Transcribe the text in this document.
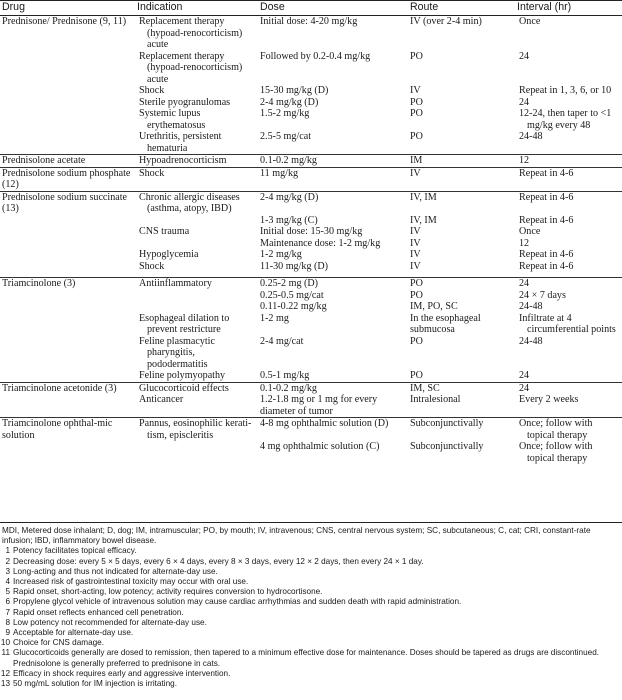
Drug	Indication	Dose	Route	Interval (hr)
Prednisone/ Prednisone (9, 11)	Replacement therapy (hypoad-renocorticism) acute	Initial dose: 4-20 mg/kg	IV (over 2-4 min)	Once
	Replacement therapy (hypoad-renocorticism) acute	Followed by 0.2-0.4 mg/kg	PO	24
	Shock	15-30 mg/kg (D)	IV	Repeat in 1, 3, 6, or 10
	Sterile pyogranulomas	2-4 mg/kg (D)	PO	24
	Systemic lupus erythematosus	1.5-2 mg/kg	PO	12-24, then taper to <1 mg/kg every 48
	Urethritis, persistent hematuria	2.5-5 mg/cat	PO	24-48
Prednisolone acetate	Hypoadrenocorticism	0.1-0.2 mg/kg	IM	12
Prednisolone sodium phosphate (12)	Shock	11 mg/kg	IV	Repeat in 4-6
Prednisolone sodium succinate (13)	Chronic allergic diseases (asthma, atopy, IBD)	2-4 mg/kg (D)	IV, IM	Repeat in 4-6
		1-3 mg/kg (C)	IV, IM	Repeat in 4-6
	CNS trauma	Initial dose: 15-30 mg/kg	IV	Once
		Maintenance dose: 1-2 mg/kg	IV	12
	Hypoglycemia	1-2 mg/kg	IV	Repeat in 4-6
	Shock	11-30 mg/kg (D)	IV	Repeat in 4-6

Triamcinolone (3)	Antiinflammatory	0.25-2 mg (D)	PO	24
		0.25-0.5 mg/cat	PO	24 × 7 days
		0.11-0.22 mg/kg	IM, PO, SC	24-48
	Esophageal dilation to prevent restricture	1-2 mg	In the esophageal submucosa	Infiltrate at 4 circumferential points
	Feline plasmacytic pharyngitis, pododermatitis	2-4 mg/cat	PO	24-48
	Feline polymyopathy	0.5-1 mg/kg	PO	24
Triamcinolone acetonide (3)	Glucocorticoid effects	0.1-0.2 mg/kg	IM, SC	24
	Anticancer	1.2-1.8 mg or 1 mg for every diameter of tumor	Intralesional	Every 2 weeks
Triamcinolone ophthal-mic solution	Pannus, eosinophilic kerati-tism, episcleritis	4-8 mg ophthalmic solution (D)	Subconjunctivally	Once; follow with topical therapy
		4 mg ophthalmic solution (C)	Subconjunctivally	Once; follow with topical therapy
MDI, Metered dose inhalant; D, dog; IM, intramuscular; PO, by mouth; IV, intravenous; CNS, central nervous system; SC, subcutaneous; C, cat; CRI, constant-rate infusion; IBD, inflammatory bowel disease.
1 Potency facilitates topical efficacy.
2 Decreasing dose: every 5 × 5 days, every 6 × 4 days, every 8 × 3 days, every 12 × 2 days, then every 24 × 1 day.
3 Long-acting and thus not indicated for alternate-day use.
4 Increased risk of gastrointestinal toxicity may occur with oral use.
5 Rapid onset, short-acting, low potency; activity requires conversion to hydrocortisone.
6 Propylene glycol vehicle of intravenous solution may cause cardiac arrhythmias and sudden death with rapid administration.
7 Rapid onset reflects enhanced cell penetration.
8 Low potency not recommended for alternate-day use.
9 Acceptable for alternate-day use.
10 Choice for CNS damage.
11 Glucocorticoids generally are dosed to remission, then tapered to a minimum effective dose for maintenance. Doses should be tapered as drugs are discontinued. Prednisolone is generally preferred to prednisone in cats.
12 Efficacy in shock requires early and aggressive intervention.
13 50 mg/mL solution for IM injection is irritating.
